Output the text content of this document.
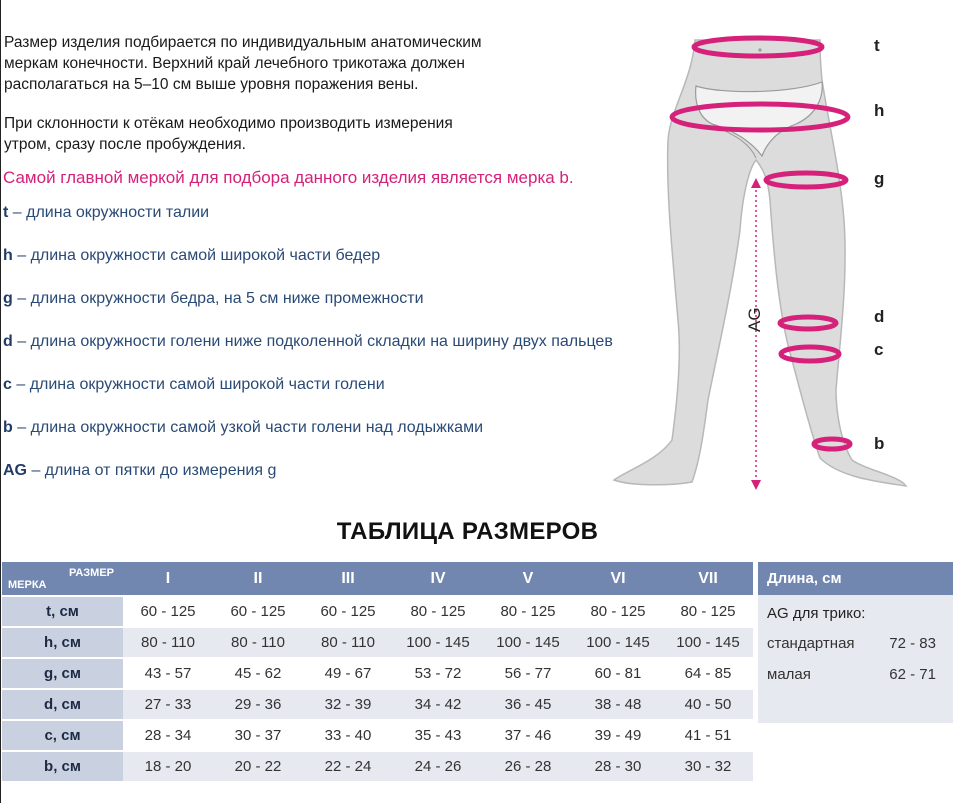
Размер изделия подбирается по индивидуальным анатомическим
меркам конечности. Верхний край лечебного трикотажа должен
располагаться на 5–10 см выше уровня поражения вены.

При склонности к отёкам необходимо производить измерения
утром, сразу после пробуждения.

Самой главной меркой для подбора данного изделия является мерка b.
t – длина окружности талии
h – длина окружности самой широкой части бедер
g – длина окружности бедра, на 5 см ниже промежности
d – длина окружности голени ниже подколенной складки на ширину двух пальцев
c – длина окружности самой широкой части голени
b – длина окружности самой узкой части голени над лодыжками
AG – длина от пятки до измерения g
AG
t
h
g
d
c
b
ТАБЛИЦА РАЗМЕРОВ
РАЗМЕР
МЕРКА	I	II	III	IV	V	VI	VII
t, см	60 - 125	60 - 125	60 - 125	80 - 125	80 - 125	80 - 125	80 - 125
h, см	80 - 110	80 - 110	80 - 110	100 - 145	100 - 145	100 - 145	100 - 145
g, см	43 - 57	45 - 62	49 - 67	53 - 72	56 - 77	60 - 81	64 - 85
d, см	27 - 33	29 - 36	32 - 39	34 - 42	36 - 45	38 - 48	40 - 50
c, см	28 - 34	30 - 37	33 - 40	35 - 43	37 - 46	39 - 49	41 - 51
b, см	18 - 20	20 - 22	22 - 24	24 - 26	26 - 28	28 - 30	30 - 32
Длина, см
AG для трико:
стандартная 72 - 83
малая	62 - 71
